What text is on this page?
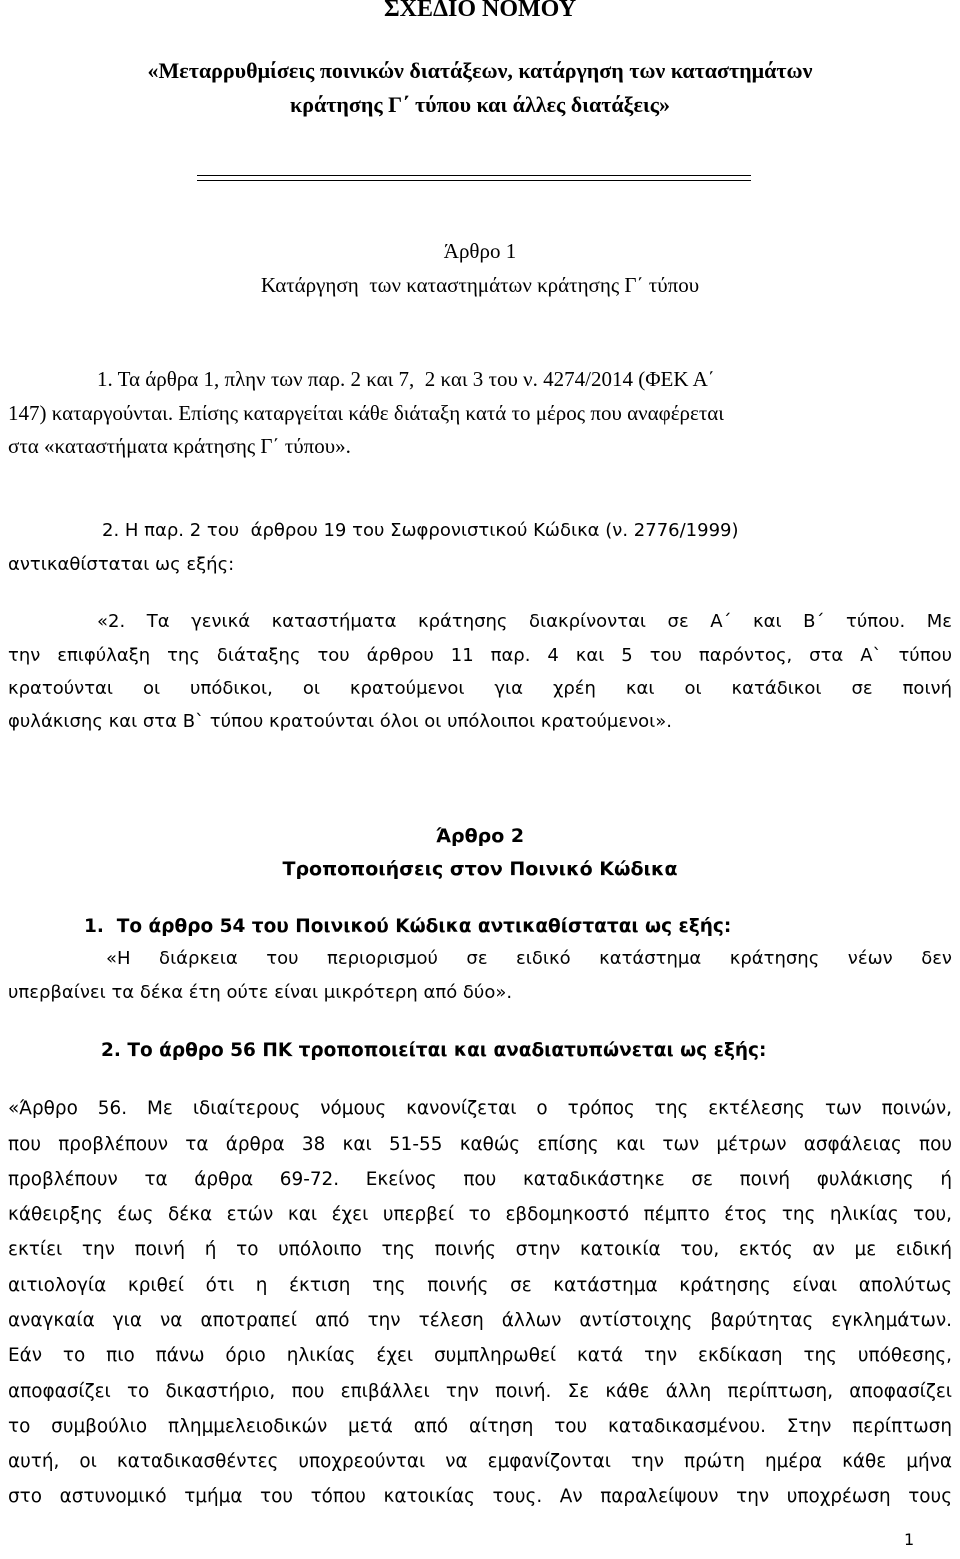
ΣΧΕΔΙΟ ΝΟΜΟΥ
«Μεταρρυθμίσεις ποινικών διατάξεων, κατάργηση των καταστημάτων
κράτησης Γ΄ τύπου και άλλες διατάξεις»
Άρθρο 1
Κατάργηση  των καταστημάτων κράτησης Γ΄ τύπου
1. Τα άρθρα 1, πλην των παρ. 2 και 7,  2 και 3 του ν. 4274/2014 (ΦΕΚ Α΄
147) καταργούνται. Επίσης καταργείται κάθε διάταξη κατά το μέρος που αναφέρεται
στα «καταστήματα κράτησης Γ΄ τύπου».
2. Η παρ. 2 του  άρθρου 19 του Σωφρονιστικού Κώδικα (ν. 2776/1999)
αντικαθίσταται ως εξής:
«2. Τα γενικά καταστήματα κράτησης διακρίνονται σε Α΄ και Β΄ τύπου. Με
την επιφύλαξη της διάταξης του άρθρου 11 παρ. 4 και 5 του παρόντος, στα Α` τύπου
κρατούνται οι υπόδικοι, οι κρατούμενοι για χρέη και οι κατάδικοι σε ποινή
φυλάκισης και στα Β` τύπου κρατούνται όλοι οι υπόλοιποι κρατούμενοι».
Άρθρο 2
Τροποποιήσεις στον Ποινικό Κώδικα
1.  Το άρθρο 54 του Ποινικού Κώδικα αντικαθίσταται ως εξής:
«Η διάρκεια του περιορισμού σε ειδικό κατάστημα κράτησης νέων δεν
υπερβαίνει τα δέκα έτη ούτε είναι μικρότερη από δύο».
2. Το άρθρο 56 ΠΚ τροποποιείται και αναδιατυπώνεται ως εξής:
«Άρθρο 56. Με ιδιαίτερους νόμους κανονίζεται ο τρόπος της εκτέλεσης των ποινών,
που προβλέπουν τα άρθρα 38 και 51-55 καθώς επίσης και των μέτρων ασφάλειας που
προβλέπουν τα άρθρα 69-72. Εκείνος που καταδικάστηκε σε ποινή φυλάκισης ή
κάθειρξης έως δέκα ετών και έχει υπερβεί το εβδομηκοστό πέμπτο έτος της ηλικίας του,
εκτίει την ποινή ή το υπόλοιπο της ποινής στην κατοικία του, εκτός αν με ειδική
αιτιολογία κριθεί ότι η έκτιση της ποινής σε κατάστημα κράτησης είναι απολύτως
αναγκαία για να αποτραπεί από την τέλεση άλλων αντίστοιχης βαρύτητας εγκλημάτων.
Εάν το πιο πάνω όριο ηλικίας έχει συμπληρωθεί κατά την εκδίκαση της υπόθεσης,
αποφασίζει το δικαστήριο, που επιβάλλει την ποινή. Σε κάθε άλλη περίπτωση, αποφασίζει
το συμβούλιο πλημμελειοδικών μετά από αίτηση του καταδικασμένου. Στην περίπτωση
αυτή, οι καταδικασθέντες υποχρεούνται να εμφανίζονται την πρώτη ημέρα κάθε μήνα
στο αστυνομικό τμήμα του τόπου κατοικίας τους. Αν παραλείψουν την υποχρέωση τους
1
